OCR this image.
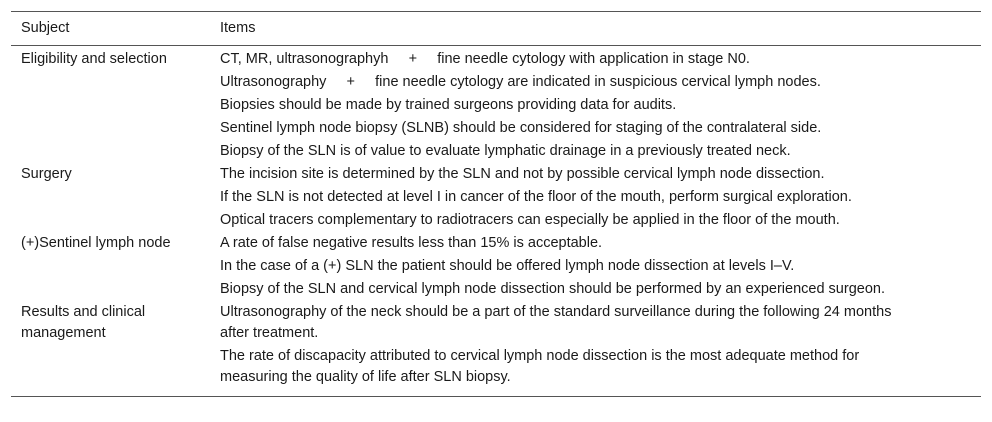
Subject	Items
Eligibility and selection	CT, MR, ultrasonographyh     +     fine needle cytology with application in stage N0.
	Ultrasonography     +     fine needle cytology are indicated in suspicious cervical lymph nodes.
	Biopsies should be made by trained surgeons providing data for audits.
	Sentinel lymph node biopsy (SLNB) should be considered for staging of the contralateral side.
	Biopsy of the SLN is of value to evaluate lymphatic drainage in a previously treated neck.
Surgery	The incision site is determined by the SLN and not by possible cervical lymph node dissection.
	If the SLN is not detected at level I in cancer of the floor of the mouth, perform surgical exploration.
	Optical tracers complementary to radiotracers can especially be applied in the floor of the mouth.
(+)Sentinel lymph node	A rate of false negative results less than 15% is acceptable.
	In the case of a (+) SLN the patient should be offered lymph node dissection at levels I–V.
	Biopsy of the SLN and cervical lymph node dissection should be performed by an experienced surgeon.
Results and clinical management	Ultrasonography of the neck should be a part of the standard surveillance during the following 24 months after treatment.
	The rate of discapacity attributed to cervical lymph node dissection is the most adequate method for measuring the quality of life after SLN biopsy.
